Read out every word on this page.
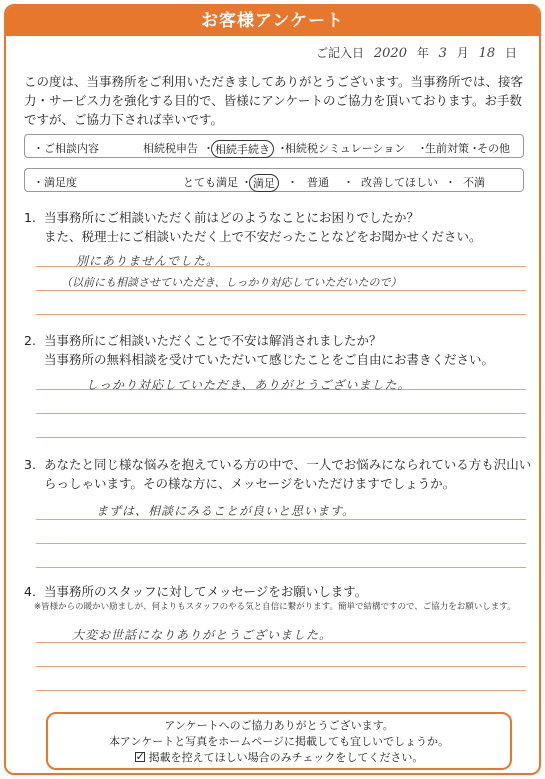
お客様アンケート
ご記入日 2020 年 3 月 18 日
この度は、当事務所をご利用いただきましてありがとうございます。当事務所では、接客力・サービス力を強化する目的で、皆様にアンケートのご協力を頂いております。お手数ですが、ご協力下されば幸いです。
・ご相談内容	相続税申告 ・ 相続手続き ・
相続税シミュレーション ・
生前対策 ・
その他
・満足度	とても満足 ・ 満足	・ 普通 ・ 改善してほしい ・ 不満
1. 当事務所にご相談いただく前はどのようなことにお困りでしたか？
また、税理士にご相談いただく上で不安だったことなどをお聞かせください。
別にありませんでした。
（以前にも相談させていただき、しっかり対応していただいたので）
2. 当事務所にご相談いただくことで不安は解消されましたか？
当事務所の無料相談を受けていただいて感じたことをご自由にお書きください。
しっかり対応していただき、ありがとうございました。
3. あなたと同じ様な悩みを抱えている方の中で、一人でお悩みになられている方も沢山いらっしゃいます。その様な方に、メッセージをいただけますでしょうか。
まずは、相談にみることが良いと思います。
4. 当事務所のスタッフに対してメッセージをお願いします。
※皆様からの暖かい励ましが、何よりもスタッフのやる気と自信に繋がります。簡単で結構ですので、ご協力をお願いします。
大変お世話になりありがとうございました。
アンケートへのご協力ありがとうございます。
本アンケートと写真をホームページに掲載しても宜しいでしょうか。
✓掲載を控えてほしい場合のみチェックをしてください。
